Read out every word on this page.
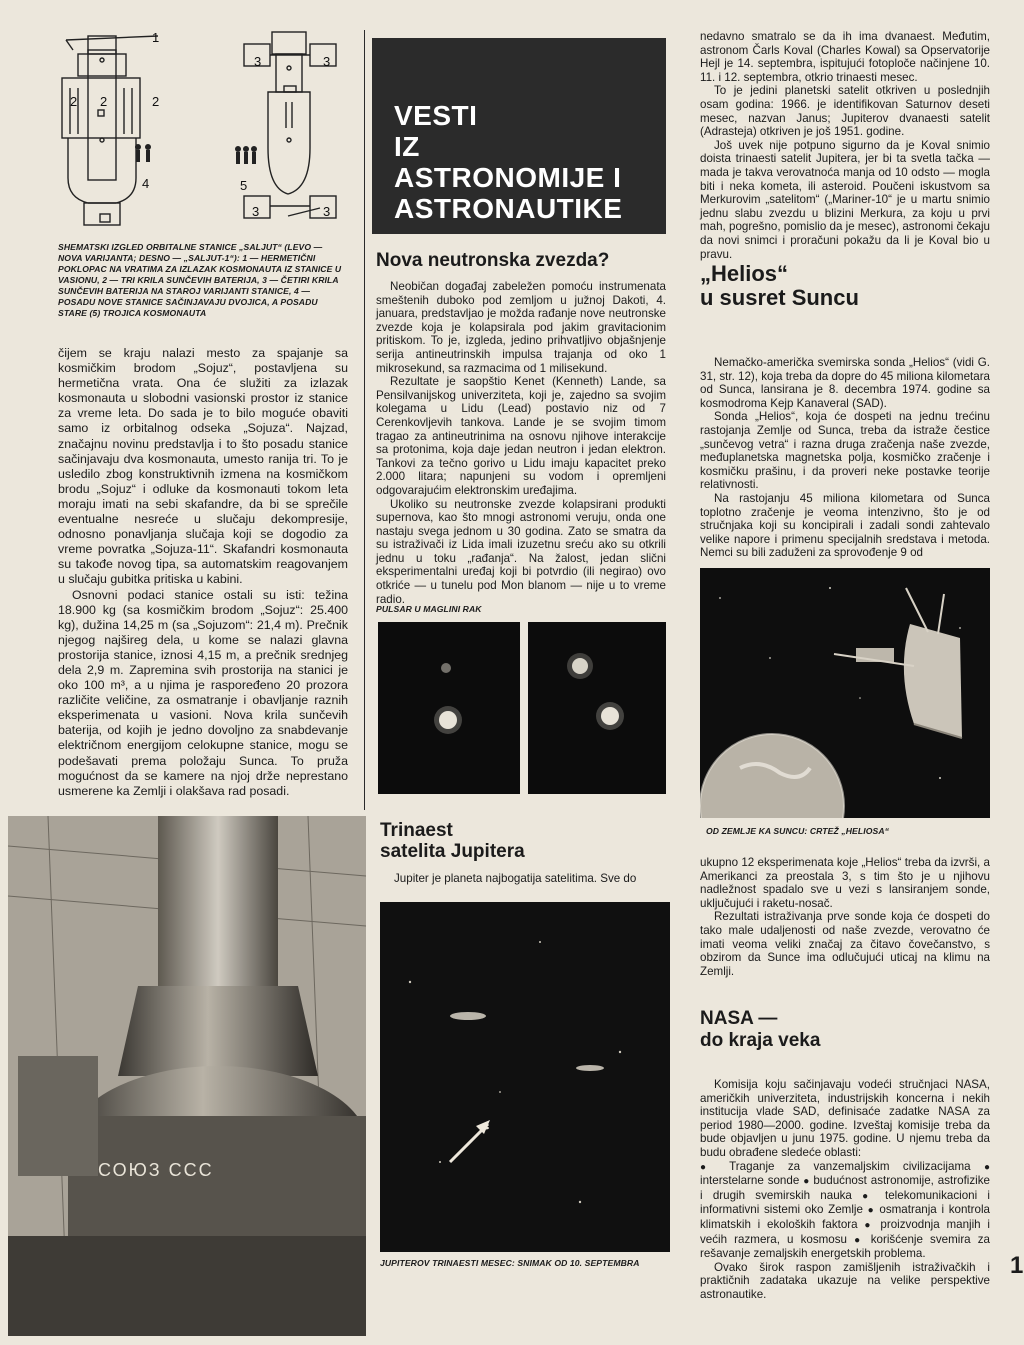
1
2 2	2
3	3
3	3
4	5
SHEMATSKI IZGLED ORBITALNE STANICE „SALJUT“ (LEVO — NOVA VARIJANTA; DESNO — „SALJUT-1“): 1 — HERMETIČNI POKLOPAC NA VRATIMA ZA IZLAZAK KOSMONAUTA IZ STANICE U VASIONU, 2 — TRI KRILA SUNČEVIH BATERIJA, 3 — ČETIRI KRILA SUNČEVIH BATERIJA NA STAROJ VARIJANTI STANICE, 4 — POSADU NOVE STANICE SAČINJAVAJU DVOJICA, A POSADU STARE (5) TROJICA KOSMONAUTA

čijem se kraju nalazi mesto za spajanje sa kosmičkim brodom „Sojuz“, postavljena su hermetična vrata. Ona će služiti za izlazak kosmonauta u slobodni vasionski prostor iz stanice za vreme leta. Do sada je to bilo moguće obaviti samo iz orbitalnog odseka „Sojuza“. Najzad, značajnu novinu predstavlja i to što posadu stanice sačinjavaju dva kosmonauta, umesto ranija tri. To je usledilo zbog konstruktivnih izmena na kosmičkom brodu „Sojuz“ i odluke da kosmonauti tokom leta moraju imati na sebi skafandre, da bi se sprečile eventualne nesreće u slučaju dekompresije, odnosno ponavljanja slučaja koji se dogodio za vreme povratka „Sojuza-11“. Skafandri kosmonauta su takođe novog tipa, sa automatskim reagovanjem u slučaju gubitka pritiska u kabini.

Osnovni podaci stanice ostali su isti: težina 18.900 kg (sa kosmičkim brodom „Sojuz“: 25.400 kg), dužina 14,25 m (sa „Sojuzom“: 21,4 m). Prečnik njegog najšireg dela, u kome se nalazi glavna prostorija stanice, iznosi 4,15 m, a prečnik srednjeg dela 2,9 m. Zapremina svih prostorija na stanici je oko 100 m³, a u njima je raspoređeno 20 prozora različite veličine, za osmatranje i obavljanje raznih eksperimenata u vasioni. Nova krila sunčevih baterija, od kojih je jedno dovoljno za snabdevanje električnom energijom celokupne stanice, mogu se podešavati prema položaju Sunca. To pruža mogućnost da se kamere na njoj drže neprestano usmerene ka Zemlji i olakšava rad posadi.

СОЮЗ ССС
VESTI
IZ
ASTRONOMIJE I
ASTRONAUTIKE
Nova neutronska zvezda?

Neobičan događaj zabeležen pomoću instrumenata smeštenih duboko pod zemljom u južnoj Dakoti, 4. januara, predstavljao je možda rađanje nove neutronske zvezde koja je kolapsirala pod jakim gravitacionim pritiskom. To je, izgleda, jedino prihvatljivo objašnjenje serija antineutrinskih impulsa trajanja od oko 1 mikrosekund, sa razmacima od 1 milisekund.

Rezultate je saopštio Kenet (Kenneth) Lande, sa Pensilvanijskog univerziteta, koji je, zajedno sa svojim kolegama u Lidu (Lead) postavio niz od 7 Cerenkovljevih tankova. Lande je se svojim timom tragao za antineutrinima na osnovu njihove interakcije sa protonima, koja daje jedan neutron i jedan elektron. Tankovi za tečno gorivo u Lidu imaju kapacitet preko 2.000 litara; napunjeni su vodom i opremljeni odgovarajućim elektronskim uređajima.

Ukoliko su neutronske zvezde kolapsirani produkti supernova, kao što mnogi astronomi veruju, onda one nastaju svega jednom u 30 godina. Zato se smatra da su istraživači iz Lida imali izuzetnu sreću ako su otkrili jednu u toku „rađanja“. Na žalost, jedan slični eksperimentalni uređaj koji bi potvrdio (ili negirao) ovo otkriće — u tunelu pod Mon blanom — nije u to vreme radio.

PULSAR U MAGLINI RAK
Trinaest
satelita Jupitera

Jupiter je planeta najbogatija satelitima. Sve do

JUPITEROV TRINAESTI MESEC: SNIMAK OD 10. SEPTEMBRA

nedavno smatralo se da ih ima dvanaest. Međutim, astronom Čarls Koval (Charles Kowal) sa Opservatorije Hejl je 14. septembra, ispitujući fotoploče načinjene 10. 11. i 12. septembra, otkrio trinaesti mesec.

To je jedini planetski satelit otkriven u poslednjih osam godina: 1966. je identifikovan Saturnov deseti mesec, nazvan Janus; Jupiterov dvanaesti satelit (Adrasteja) otkriven je još 1951. godine.

Još uvek nije potpuno sigurno da je Koval snimio doista trinaesti satelit Jupitera, jer bi ta svetla tačka — mada je takva verovatnoća manja od 10 odsto — mogla biti i neka kometa, ili asteroid. Poučeni iskustvom sa Merkurovim „satelitom“ („Mariner-10“ je u martu snimio jednu slabu zvezdu u blizini Merkura, za koju u prvi mah, pogrešno, pomislio da je mesec), astronomi čekaju da novi snimci i proračuni pokažu da li je Koval bio u pravu.

„Helios“
u susret Suncu

Nemačko-američka svemirska sonda „Helios“ (vidi G. 31, str. 12), koja treba da dopre do 45 miliona kilometara od Sunca, lansirana je 8. decembra 1974. godine sa kosmodroma Kejp Kanaveral (SAD).

Sonda „Helios“, koja će dospeti na jednu trećinu rastojanja Zemlje od Sunca, treba da istraže čestice „sunčevog vetra“ i razna druga zračenja naše zvezde, međuplanetska magnetska polja, kosmičko zračenje i kosmičku prašinu, i da proveri neke postavke teorije relativnosti.

Na rastojanju 45 miliona kilometara od Sunca toplotno zračenje je veoma intenzivno, što je od stručnjaka koji su koncipirali i zadali sondi zahtevalo velike napore i primenu specijalnih sredstava i metoda. Nemci su bili zaduženi za sprovođenje 9 od

OD ZEMLJE KA SUNCU: CRTEŽ „HELIOSA“

ukupno 12 eksperimenata koje „Helios“ treba da izvrši, a Amerikanci za preostala 3, s tim što je u njihovu nadležnost spadalo sve u vezi s lansiranjem sonde, uključujući i raketu-nosač.

Rezultati istraživanja prve sonde koja će dospeti do tako male udaljenosti od naše zvezde, verovatno će imati veoma veliki značaj za čitavo čovečanstvo, s obzirom da Sunce ima odlučujući uticaj na klimu na Zemlji.

NASA —
do kraja veka

Komisija koju sačinjavaju vodeći stručnjaci NASA, američkih univerziteta, industrijskih koncerna i nekih institucija vlade SAD, definisaće zadatke NASA za period 1980—2000. godine. Izveštaj komisije treba da bude objavljen u junu 1975. godine. U njemu treba da budu obrađene sledeće oblasti:

● Traganje za vanzemaljskim civilizacijama ● interstelarne sonde ● budućnost astronomije, astrofizike i drugih svemirskih nauka ● telekomunikacioni i informativni sistemi oko Zemlje ● osmatranja i kontrola klimatskih i ekoloških faktora ● proizvodnja manjih i većih razmera, u kosmosu ● korišćenje svemira za rešavanje zemaljskih energetskih problema.

Ovako širok raspon zamišljenih istraživačkih i praktičnih zadataka ukazuje na velike perspektive astronautike.

1
